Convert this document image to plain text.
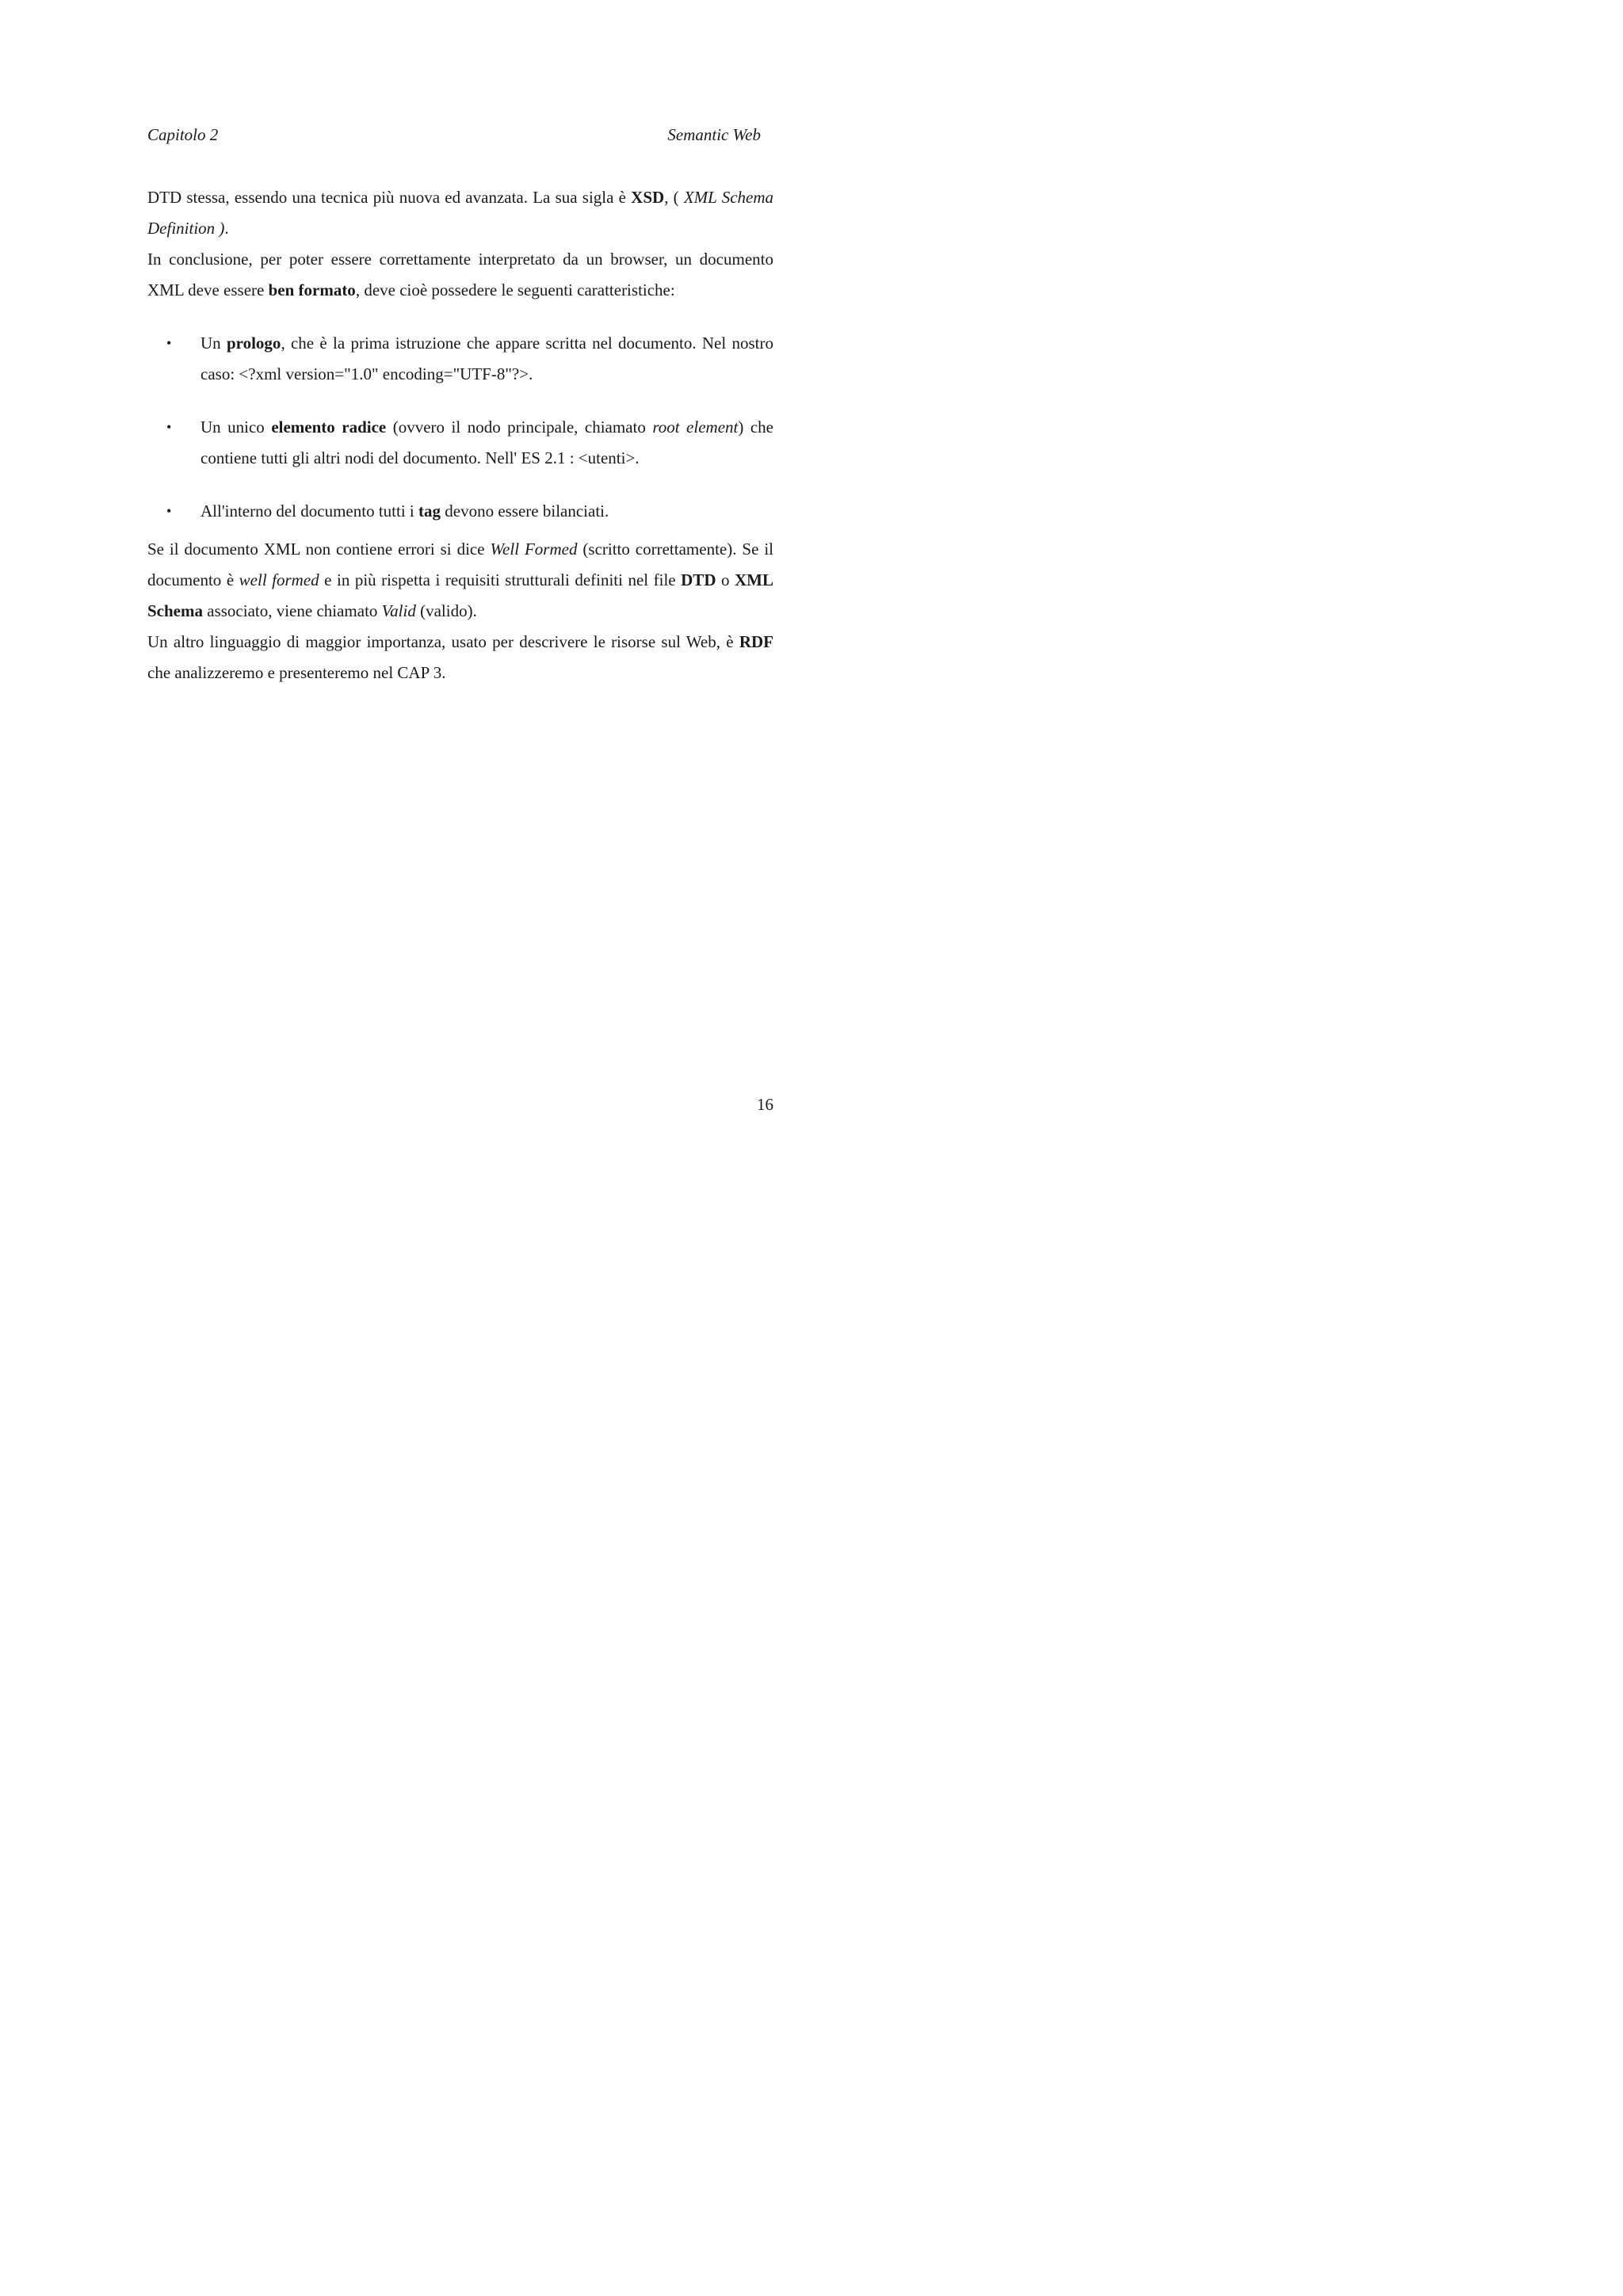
Capitolo 2	Semantic Web

DTD stessa, essendo una tecnica più nuova ed avanzata. La sua sigla è XSD, ( XML Schema Definition ).

In conclusione, per poter essere correttamente interpretato da un browser, un documento XML deve essere ben formato, deve cioè possedere le seguenti caratteristiche:

• Un prologo, che è la prima istruzione che appare scritta nel documento. Nel nostro caso: <?xml version="1.0" encoding="UTF-8"?>.
• Un unico elemento radice (ovvero il nodo principale, chiamato root element) che contiene tutti gli altri nodi del documento. Nell' ES 2.1 : <utenti>.
• All'interno del documento tutti i tag devono essere bilanciati.

Se il documento XML non contiene errori si dice Well Formed (scritto correttamente). Se il documento è well formed e in più rispetta i requisiti strutturali definiti nel file DTD o XML Schema associato, viene chiamato Valid (valido).

Un altro linguaggio di maggior importanza, usato per descrivere le risorse sul Web, è RDF che analizzeremo e presenteremo nel CAP 3.

16
